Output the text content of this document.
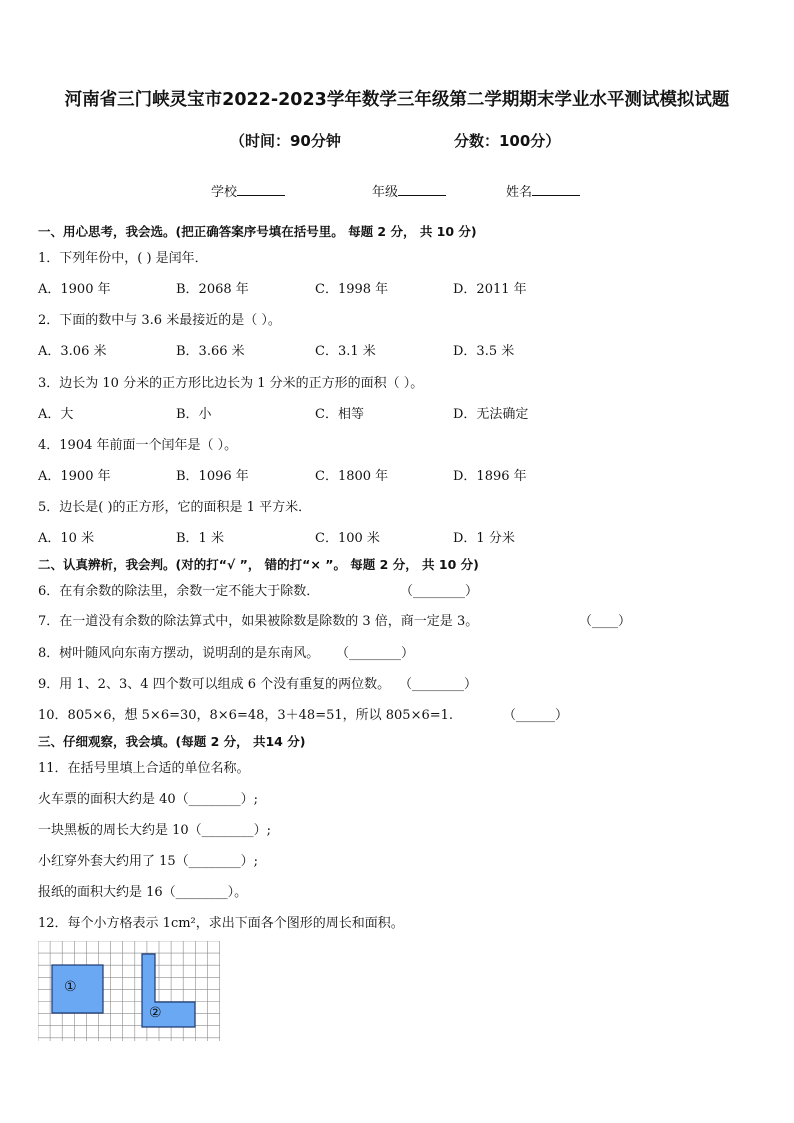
河南省三门峡灵宝市2022-2023学年数学三年级第二学期期末学业水平测试模拟试题
（时间：90分钟	分数：100分）
学校	年级	姓名
一、用心思考，我会选。(把正确答案序号填在括号里。 每题 2 分， 共 10 分)
1．下列年份中，( ) 是闰年．
A．1900 年	B．2068 年	C．1998 年	D．2011 年
2．下面的数中与 3.6 米最接近的是（ ）。
A．3.06 米	B．3.66 米	C．3.1 米	D．3.5 米
3．边长为 10 分米的正方形比边长为 1 分米的正方形的面积（ ）。
A．大	B．小	C．相等	D．无法确定
4．1904 年前面一个闰年是（ ）。
A．1900 年	B．1096 年	C．1800 年	D．1896 年
5．边长是( )的正方形，它的面积是 1 平方米．
A．10 米	B．1 米	C．100 米	D．1 分米
二、认真辨析，我会判。(对的打“√ ”， 错的打“× ”。 每题 2 分， 共 10 分)
6．在有余数的除法里，余数一定不能大于除数．	（________）
7．在一道没有余数的除法算式中，如果被除数是除数的 3 倍，商一定是 3。	（____）
8．树叶随风向东南方摆动，说明刮的是东南风。 （________）
9．用 1、2、3、4 四个数可以组成 6 个没有重复的两位数。 （________）
10．805×6，想 5×6=30，8×6=48，3＋48=51，所以 805×6=1.	（______）
三、仔细观察，我会填。(每题 2 分， 共14 分)
11．在括号里填上合适的单位名称。
火车票的面积大约是 40（________）;
一块黑板的周长大约是 10（________）;
小红穿外套大约用了 15（________）;
报纸的面积大约是 16（________）。
12．每个小方格表示 1cm²，求出下面各个图形的周长和面积。
①
②
